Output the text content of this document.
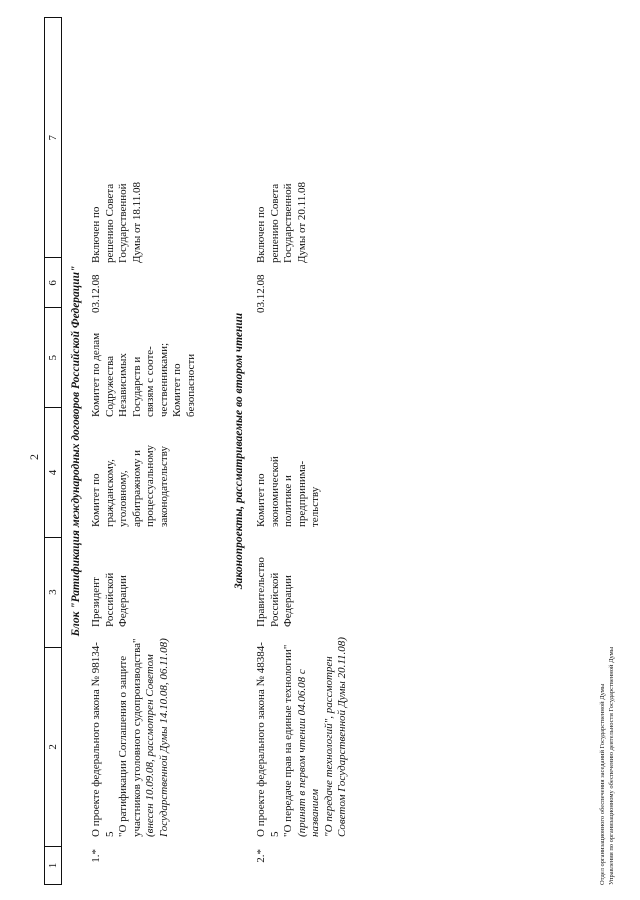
2
1
2
3
4
5
6
7
Блок "Ратификация международных договоров Российской Федерации"
1.*
О проекте федерального закона № 98134-5 "О ратификации Соглашения о защите участников уголовного судопроизводства" (внесен 10.09.08, рассмотрен Советом Государственной Думы 14.10.08, 06.11.08)
Президент Российской Федерации
Комитет по гражданскому, уголовному, арбитражному и процессуальному законодательству
Комитет по делам Содружества Независимых Государств и связям с сооте- чественниками; Комитет по безопасности
03.12.08
Включен по решению Совета Государственной Думы от 18.11.08
Законопроекты, рассматриваемые во втором чтении
2.*
О проекте федерального закона № 48384-5 "О передаче прав на единые технологии" (принят в первом чтении 04.06.08 с названием "О передаче технологий", рассмотрен Советом Государственной Думы 20.11.08)
Правительство Российской Федерации
Комитет по экономической политике и предпринима- тельству
03.12.08
Включен по решению Совета Государственной Думы от 20.11.08
Отдел организационного обеспечения заседаний Государственной Думы Управления по организационному обеспечению деятельности Государственной Думы
